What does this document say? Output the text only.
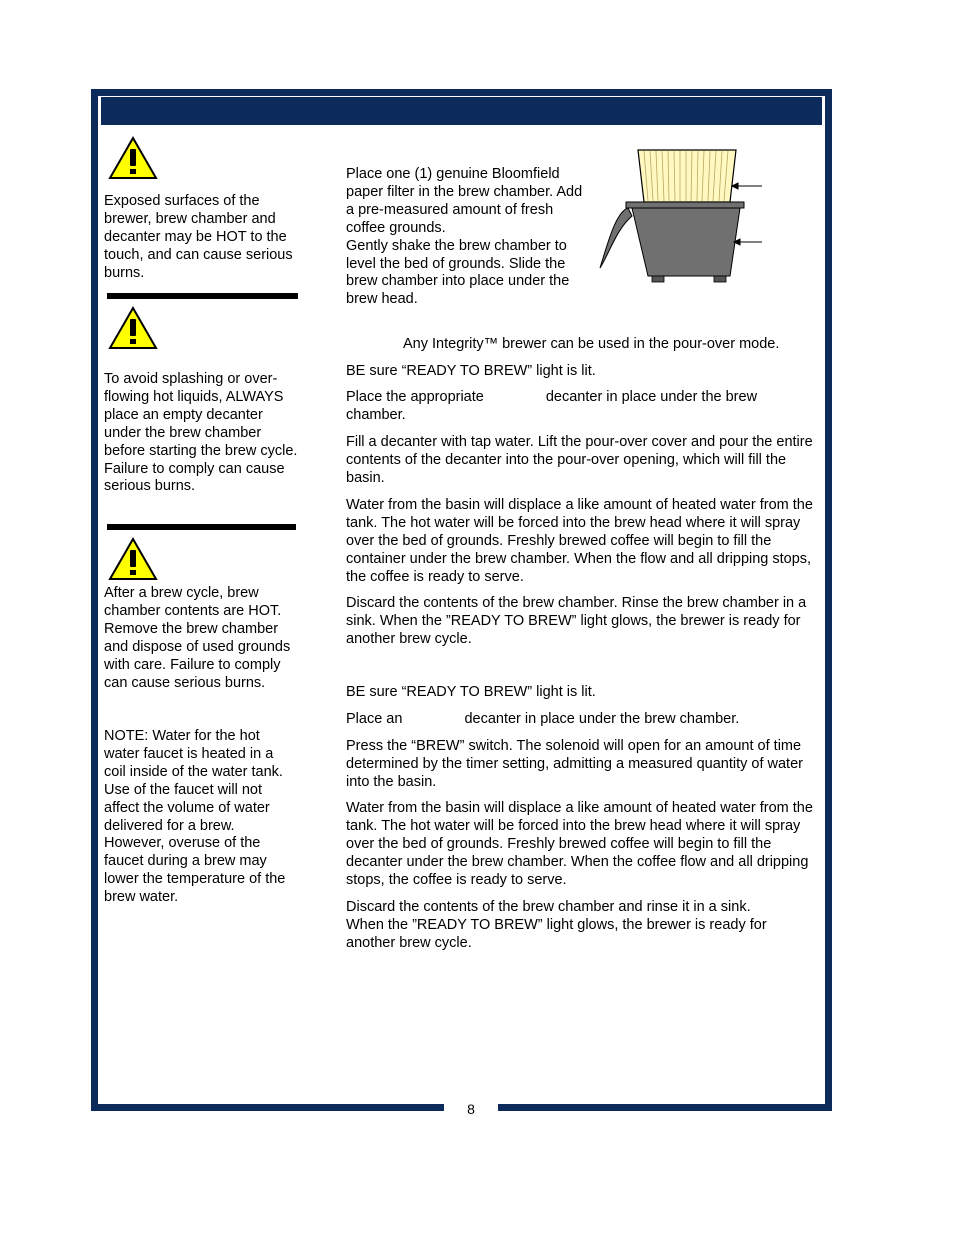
8
Exposed surfaces of the brewer, brew chamber and decanter may be HOT to the touch, and can cause serious burns.
To avoid splashing or over-flowing hot liquids, ALWAYS place an empty decanter under the brew chamber before starting the brew cycle. Failure to comply can cause serious burns.
After a brew cycle, brew chamber contents are HOT. Remove the brew chamber and dispose of used grounds with care. Failure to comply can cause serious burns.
NOTE: Water for the hot water faucet is heated in a coil inside of the water tank. Use of the faucet will not affect the volume of water delivered for a brew. However, overuse of the faucet during a brew may lower the temperature of the brew water.

Place one (1) genuine Bloomfield paper filter in the brew chamber. Add a pre-measured amount of fresh coffee grounds.
Gently shake the brew chamber to level the bed of grounds. Slide the brew chamber into place under the brew head.

Any Integrity™ brewer can be used in the pour-over mode.

BE sure “READY TO BREW” light is lit.

Place the appropriate	decanter in place under the brew chamber.

Fill a decanter with tap water. Lift the pour-over cover and pour the entire contents of the decanter into the pour-over opening, which will fill the basin.

Water from the basin will displace a like amount of heated water from the tank. The hot water will be forced into the brew head where it will spray over the bed of grounds. Freshly brewed coffee will begin to fill the container under the brew chamber. When the flow and all dripping stops, the coffee is ready to serve.

Discard the contents of the brew chamber. Rinse the brew chamber in a sink. When the ”READY TO BREW” light glows, the brewer is ready for another brew cycle.

BE sure “READY TO BREW” light is lit.

Place an	decanter in place under the brew chamber.

Press the “BREW” switch. The solenoid will open for an amount of time determined by the timer setting, admitting a measured quantity of water into the basin.

Water from the basin will displace a like amount of heated water from the tank. The hot water will be forced into the brew head where it will spray over the bed of grounds. Freshly brewed coffee will begin to fill the decanter under the brew chamber. When the coffee flow and all dripping stops, the coffee is ready to serve.

Discard the contents of the brew chamber and rinse it in a sink. When the ”READY TO BREW” light glows, the brewer is ready for another brew cycle.
